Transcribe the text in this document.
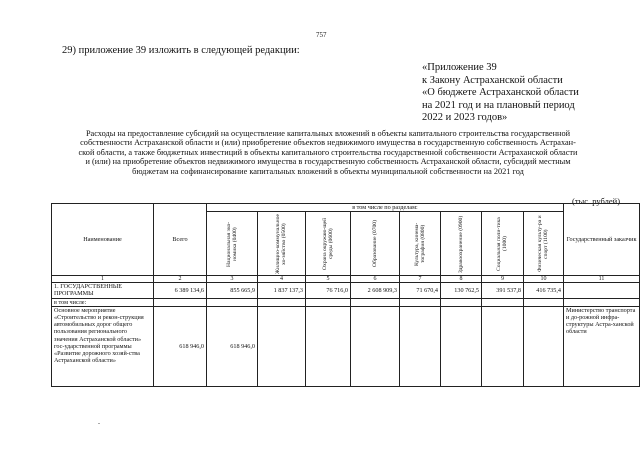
757
29) приложение 39 изложить в следующей редакции:
«Приложение 39
к Закону Астраханской области
«О бюджете Астраханской области
на 2021 год и на плановый период
2022 и 2023 годов»
Расходы на предоставление субсидий на осуществление капитальных вложений в объекты капитального строительства государственной
собственности Астраханской области и (или) приобретение объектов недвижимого имущества в государственную собственность Астрахан-
ской области, а также бюджетных инвестиций в объекты капитального строительства государственной собственности Астраханской области
и (или) на приобретение объектов недвижимого имущества в государственную собственность Астраханской области, субсидий местным
бюджетам на софинансирование капитальных вложений в объекты муниципальной собственности на 2021 год
(тыс. рублей)
Наименование	Всего	в том числе по разделам:								Государственный заказчик

		Национальная эко-номика (0400)	Жилищно-коммунальное хо-зяйство (0500)	Охрана окружаю-щей среды (0600)	Образование (0700)	Культура, кинема-тография (0800)	Здравоохранение (0900)	Социальная поли-тика (1000)	Физическая культу-ра и спорт (1100)	

1	2	3	4	5	6	7	8	9	10	11
1. ГОСУДАРСТВЕННЫЕ ПРОГРАММЫ	6 389 134,6	855 665,9	1 837 137,3	76 716,0	2 608 909,3	71 670,4	130 762,5	391 537,8	416 735,4	
в том числе:										
Основное мероприятие «Строительство и рекон-струкция автомобильных дорог общего пользования регионального значения Астраханской области» гос-ударственной программы «Развитие дорожного хозяй-ства Астраханской области»	618 946,0	618 946,0								Министерство транспорта и до-рожной инфра-структуры Астра-ханской области
-
